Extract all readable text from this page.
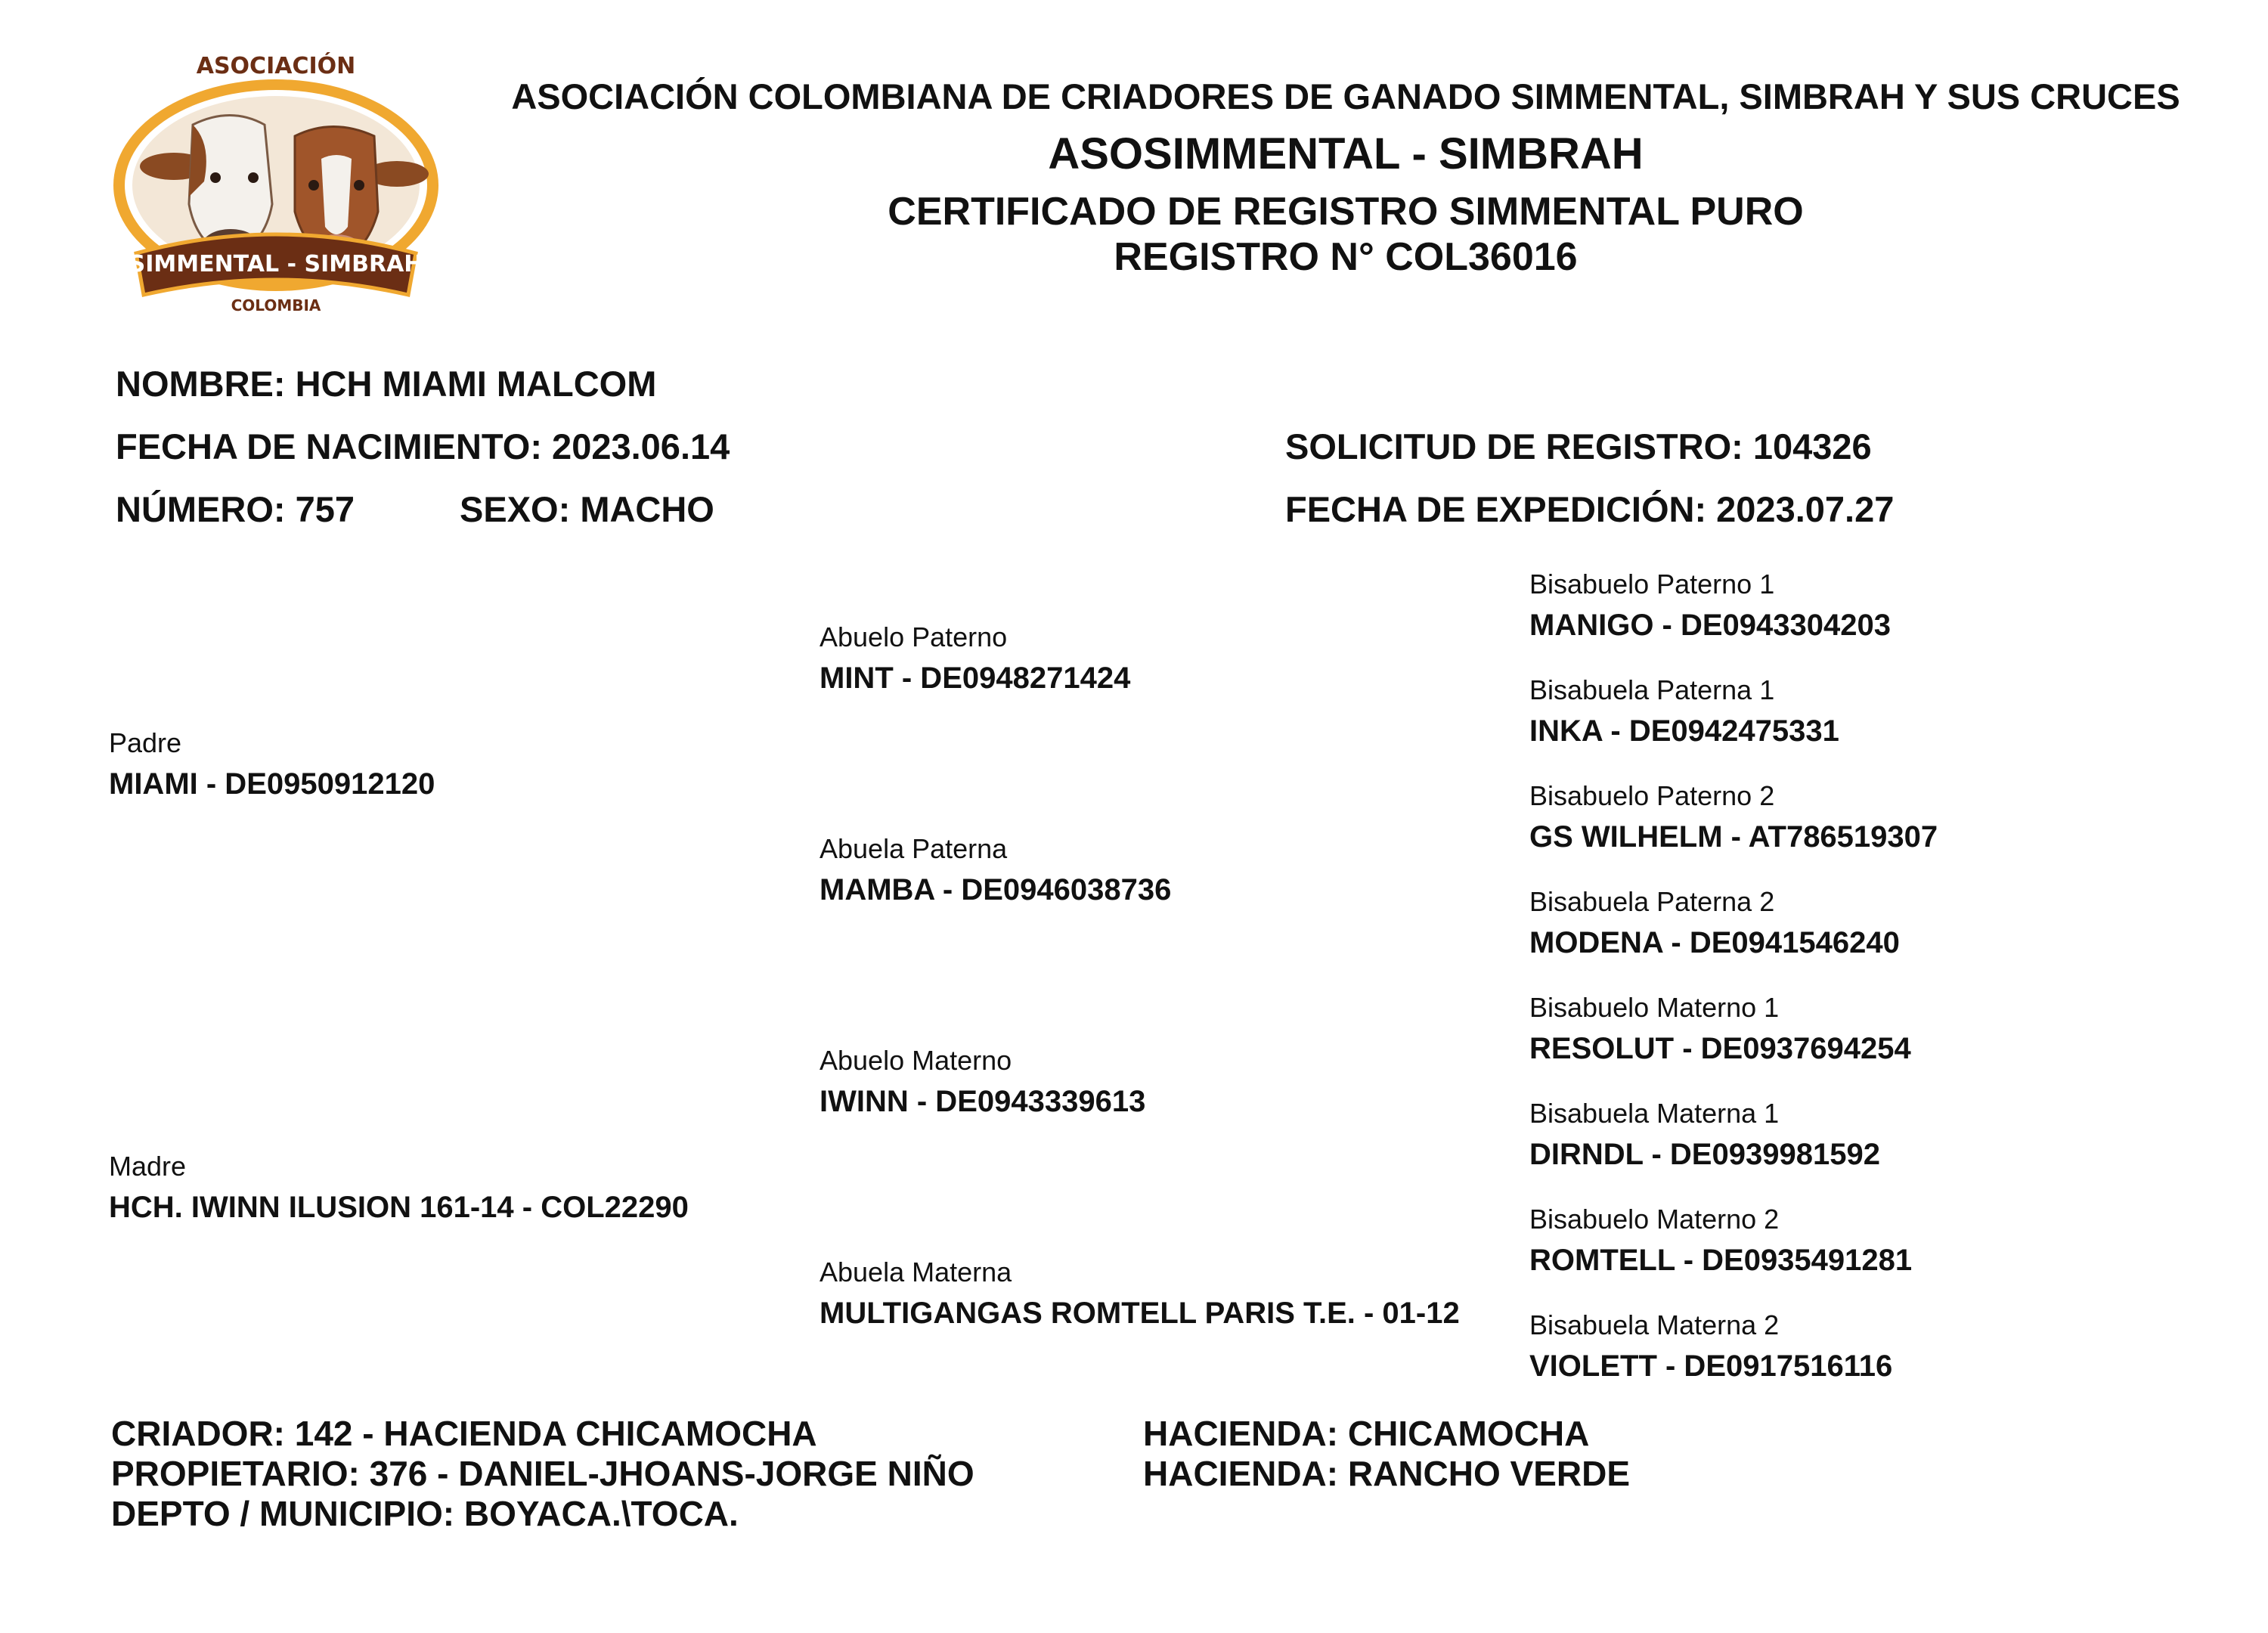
ASOCIACIÓN
SIMMENTAL - SIMBRAH
COLOMBIA
ASOCIACIÓN COLOMBIANA DE CRIADORES DE GANADO SIMMENTAL, SIMBRAH Y SUS CRUCES
ASOSIMMENTAL - SIMBRAH
CERTIFICADO DE REGISTRO SIMMENTAL PURO
REGISTRO N° COL36016
NOMBRE: HCH MIAMI MALCOM
FECHA DE NACIMIENTO: 2023.06.14
NÚMERO: 757	SEXO: MACHO
SOLICITUD DE REGISTRO: 104326
FECHA DE EXPEDICIÓN: 2023.07.27
Padre
MIAMI - DE0950912120
Madre
HCH. IWINN ILUSION 161-14 - COL22290
Abuelo Paterno
MINT - DE0948271424
Abuela Paterna
MAMBA - DE0946038736
Abuelo Materno
IWINN - DE0943339613
Abuela Materna
MULTIGANGAS ROMTELL PARIS T.E. - 01-12
Bisabuelo Paterno 1
MANIGO - DE0943304203
Bisabuela Paterna 1
INKA - DE0942475331
Bisabuelo Paterno 2
GS WILHELM - AT786519307
Bisabuela Paterna 2
MODENA - DE0941546240
Bisabuelo Materno 1
RESOLUT - DE0937694254
Bisabuela Materna 1
DIRNDL - DE0939981592
Bisabuelo Materno 2
ROMTELL - DE0935491281
Bisabuela Materna 2
VIOLETT - DE0917516116
CRIADOR: 142 - HACIENDA CHICAMOCHA
PROPIETARIO: 376 - DANIEL-JHOANS-JORGE NIÑO
DEPTO / MUNICIPIO: BOYACA.\TOCA.
HACIENDA: CHICAMOCHA
HACIENDA: RANCHO VERDE
